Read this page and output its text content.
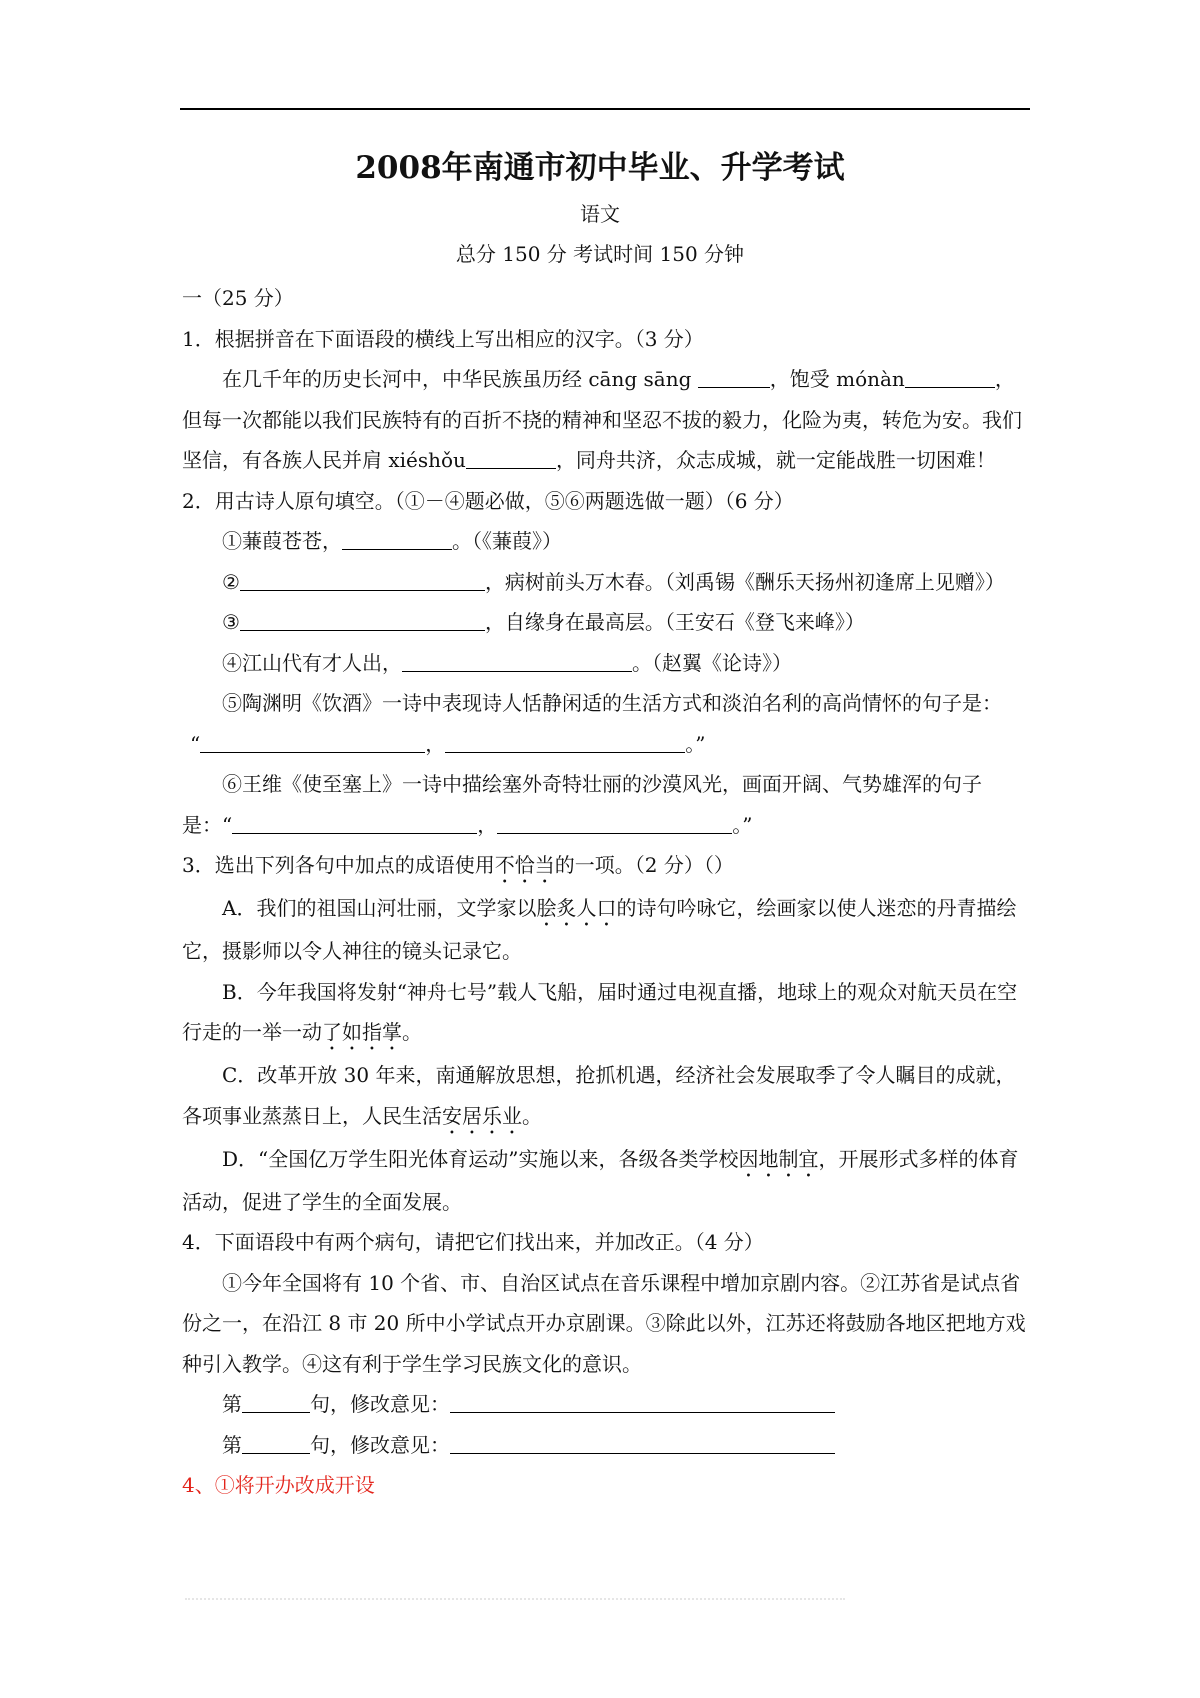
2008年南通市初中毕业、升学考试
语文
总分 150 分 考试时间 150 分钟

一（25 分）

1．根据拼音在下面语段的横线上写出相应的汉字。（3 分）

在几千年的历史长河中，中华民族虽历经 cāng sāng	，饱受 mónàn	，但每一次都能以我们民族特有的百折不挠的精神和坚忍不拔的毅力，化险为夷，转危为安。我们坚信，有各族人民并肩 xiéshǒu	，同舟共济，众志成城，就一定能战胜一切困难！

2．用古诗人原句填空。（①－④题必做，⑤⑥两题选做一题）（6 分）

①蒹葭苍苍，	。（《蒹葭》）

②	，病树前头万木春。（刘禹锡《酬乐天扬州初逢席上见赠》）

③	，自缘身在最高层。（王安石《登飞来峰》）

④江山代有才人出，	。（赵翼《论诗》）

⑤陶渊明《饮酒》一诗中表现诗人恬静闲适的生活方式和淡泊名利的高尚情怀的句子是：

“	，	。”

⑥王维《使至塞上》一诗中描绘塞外奇特壮丽的沙漠风光，画面开阔、气势雄浑的句子是：“	，	。”

3．选出下列各句中加点的成语使用不恰当的一项。（2 分）（）

A．我们的祖国山河壮丽，文学家以脍炙人口的诗句吟咏它，绘画家以使人迷恋的丹青描绘它，摄影师以令人神往的镜头记录它。

B．今年我国将发射“神舟七号”载人飞船，届时通过电视直播，地球上的观众对航天员在空行走的一举一动了如指掌。

C．改革开放 30 年来，南通解放思想，抢抓机遇，经济社会发展取季了令人瞩目的成就，各项事业蒸蒸日上，人民生活安居乐业。

D．“全国亿万学生阳光体育运动”实施以来，各级各类学校因地制宜，开展形式多样的体育活动，促进了学生的全面发展。

4．下面语段中有两个病句，请把它们找出来，并加改正。（4 分）

①今年全国将有 10 个省、市、自治区试点在音乐课程中增加京剧内容。②江苏省是试点省份之一，在沿江 8 市 20 所中小学试点开办京剧课。③除此以外，江苏还将鼓励各地区把地方戏种引入教学。④这有利于学生学习民族文化的意识。

第	句，修改意见：

第	句，修改意见：

4、①将开办改成开设
